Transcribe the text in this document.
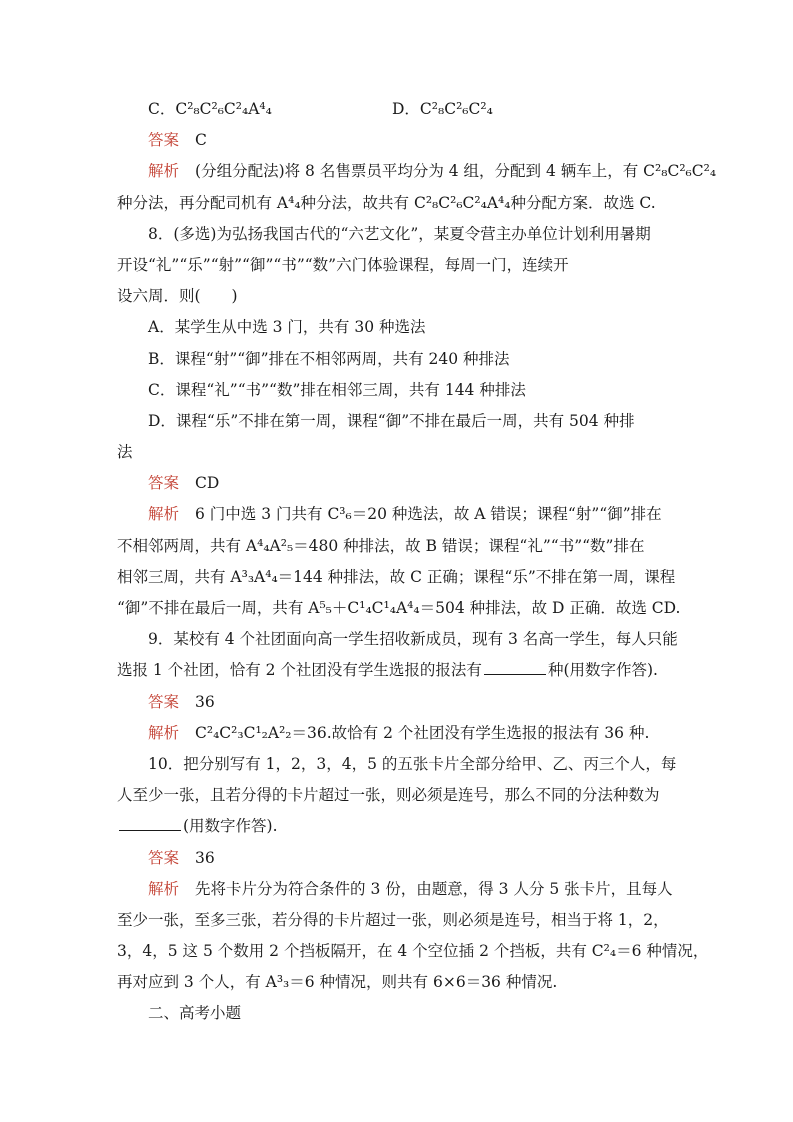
C．C²₈C²₆C²₄A⁴₄	D．C²₈C²₆C²₄
答案 C
解析 (分组分配法)将 8 名售票员平均分为 4 组，分配到 4 辆车上，有 C²₈C²₆C²₄
种分法，再分配司机有 A⁴₄种分法，故共有 C²₈C²₆C²₄A⁴₄种分配方案．故选 C.
8．(多选)为弘扬我国古代的“六艺文化”，某夏令营主办单位计划利用暑期
开设“礼”“乐”“射”“御”“书”“数”六门体验课程，每周一门，连续开
设六周．则(　　)
A．某学生从中选 3 门，共有 30 种选法
B．课程“射”“御”排在不相邻两周，共有 240 种排法
C．课程“礼”“书”“数”排在相邻三周，共有 144 种排法
D．课程“乐”不排在第一周，课程“御”不排在最后一周，共有 504 种排
法
答案 CD
解析 6 门中选 3 门共有 C³₆＝20 种选法，故 A 错误；课程“射”“御”排在
不相邻两周，共有 A⁴₄A²₅＝480 种排法，故 B 错误；课程“礼”“书”“数”排在
相邻三周，共有 A³₃A⁴₄＝144 种排法，故 C 正确；课程“乐”不排在第一周，课程
“御”不排在最后一周，共有 A⁵₅＋C¹₄C¹₄A⁴₄＝504 种排法，故 D 正确．故选 CD.
9．某校有 4 个社团面向高一学生招收新成员，现有 3 名高一学生，每人只能
选报 1 个社团，恰有 2 个社团没有学生选报的报法有	种(用数字作答).
答案 36
解析 C²₄C²₃C¹₂A²₂＝36.故恰有 2 个社团没有学生选报的报法有 36 种.
10．把分别写有 1，2，3，4，5 的五张卡片全部分给甲、乙、丙三个人，每
人至少一张，且若分得的卡片超过一张，则必须是连号，那么不同的分法种数为
(用数字作答).
答案 36
解析 先将卡片分为符合条件的 3 份，由题意，得 3 人分 5 张卡片，且每人
至少一张，至多三张，若分得的卡片超过一张，则必须是连号，相当于将 1，2，
3，4，5 这 5 个数用 2 个挡板隔开，在 4 个空位插 2 个挡板，共有 C²₄＝6 种情况，
再对应到 3 个人，有 A³₃＝6 种情况，则共有 6×6＝36 种情况.
二、高考小题
